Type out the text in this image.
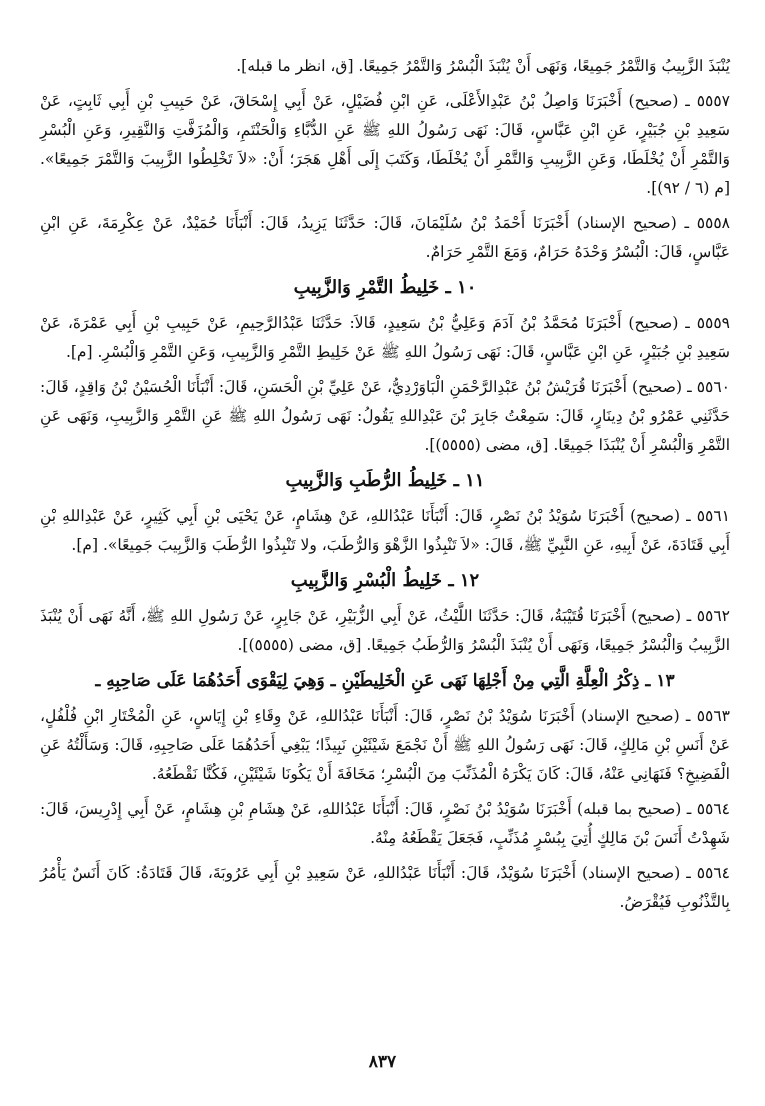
يُنْبَذَ الزَّبِيبُ وَالتَّمْرُ جَمِيعًا، وَنَهَى أَنْ يُنْبَذَ الْبُسْرُ وَالتَّمْرُ جَمِيعًا. [ق، انظر ما قبله].

٥٥٥٧ ـ (صحيح) أَخْبَرَنَا وَاصِلُ بْنُ عَبْدِالأَعْلَى، عَنِ ابْنِ فُضَيْلٍ، عَنْ أَبِي إِسْحَاقَ، عَنْ حَبِيبِ بْنِ أَبِي ثَابِتٍ، عَنْ سَعِيدِ بْنِ جُبَيْرٍ، عَنِ ابْنِ عَبَّاسٍ، قَالَ: نَهَى رَسُولُ اللهِ ﷺ عَنِ الدُّبَّاءِ وَالْحَنْتَمِ، وَالْمُزَفَّتِ وَالنَّقِيرِ، وَعَنِ الْبُسْرِ وَالتَّمْرِ أَنْ يُخْلَطَا، وَعَنِ الزَّبِيبِ وَالتَّمْرِ أَنْ يُخْلَطَا، وَكَتَبَ إِلَى أَهْلِ هَجَرَ؛ أَنْ: «لاَ تَخْلِطُوا الزَّبِيبَ وَالتَّمْرَ جَمِيعًا». [م (٦ / ٩٢)].

٥٥٥٨ ـ (صحيح الإسناد) أَخْبَرَنَا أَحْمَدُ بْنُ سُلَيْمَانَ، قَالَ: حَدَّثَنَا يَزِيدُ، قَالَ: أَنْبَأَنَا حُمَيْدٌ، عَنْ عِكْرِمَةَ، عَنِ ابْنِ عَبَّاسٍ، قَالَ: الْبُسْرُ وَحْدَهُ حَرَامٌ، وَمَعَ التَّمْرِ حَرَامٌ.

١٠ ـ خَلِيطُ التَّمْرِ وَالزَّبِيبِ

٥٥٥٩ ـ (صحيح) أَخْبَرَنَا مُحَمَّدُ بْنُ آدَمَ وَعَلِيُّ بْنُ سَعِيدٍ، قَالاَ: حَدَّثَنَا عَبْدُالرَّحِيمِ، عَنْ حَبِيبِ بْنِ أَبِي عَمْرَةَ، عَنْ سَعِيدِ بْنِ جُبَيْرٍ، عَنِ ابْنِ عَبَّاسٍ، قَالَ: نَهَى رَسُولُ اللهِ ﷺ عَنْ خَلِيطِ التَّمْرِ وَالزَّبِيبِ، وَعَنِ التَّمْرِ وَالْبُسْرِ. [م].

٥٥٦٠ ـ (صحيح) أَخْبَرَنَا قُرَيْشُ بْنُ عَبْدِالرَّحْمَنِ الْبَاوَرْدِيُّ، عَنْ عَلِيِّ بْنِ الْحَسَنِ، قَالَ: أَنْبَأَنَا الْحُسَيْنُ بْنُ وَاقِدٍ، قَالَ: حَدَّثَنِي عَمْرُو بْنُ دِينَارٍ، قَالَ: سَمِعْتُ جَابِرَ بْنَ عَبْدِاللهِ يَقُولُ: نَهَى رَسُولُ اللهِ ﷺ عَنِ التَّمْرِ وَالزَّبِيبِ، وَنَهَى عَنِ التَّمْرِ وَالْبُسْرِ أَنْ يُنْبَذَا جَمِيعًا. [ق، مضى (٥٥٥٥)].

١١ ـ خَلِيطُ الرُّطَبِ وَالزَّبِيبِ

٥٥٦١ ـ (صحيح) أَخْبَرَنَا سُوَيْدُ بْنُ نَصْرٍ، قَالَ: أَنْبَأَنَا عَبْدُاللهِ، عَنْ هِشَامٍ، عَنْ يَحْيَى بْنِ أَبِي كَثِيرٍ، عَنْ عَبْدِاللهِ بْنِ أَبِي قَتَادَةَ، عَنْ أَبِيهِ، عَنِ النَّبِيِّ ﷺ، قَالَ: «لاَ تَنْبِذُوا الزَّهْوَ وَالرُّطَبَ، ولا تَنْبِذُوا الرُّطَبَ وَالزَّبِيبَ جَمِيعًا». [م].

١٢ ـ خَلِيطُ الْبُسْرِ وَالزَّبِيبِ

٥٥٦٢ ـ (صحيح) أَخْبَرَنَا قُتَيْبَةُ، قَالَ: حَدَّثَنَا اللَّيْثُ، عَنْ أَبِي الزُّبَيْرِ، عَنْ جَابِرٍ، عَنْ رَسُولِ اللهِ ﷺ، أَنَّهُ نَهَى أَنْ يُنْبَذَ الزَّبِيبُ وَالْبُسْرُ جَمِيعًا، وَنَهَى أَنْ يُنْبَذَ الْبُسْرُ وَالرُّطَبُ جَمِيعًا. [ق، مضى (٥٥٥٥)].

١٣ ـ ذِكْرُ الْعِلَّةِ الَّتِي مِنْ أَجْلِهَا نَهَى عَنِ الْخَلِيطَيْنِ ـ وَهِيَ لِيَقْوَى أَحَدُهُمَا عَلَى صَاحِبِهِ ـ

٥٥٦٣ ـ (صحيح الإسناد) أَخْبَرَنَا سُوَيْدُ بْنُ نَصْرٍ، قَالَ: أَنْبَأَنَا عَبْدُاللهِ، عَنْ وِقَاءِ بْنِ إِيَاسٍ، عَنِ الْمُخْتَارِ ابْنِ فُلْفُلٍ، عَنْ أَنَسِ بْنِ مَالِكٍ، قَالَ: نَهَى رَسُولُ اللهِ ﷺ أَنْ نَجْمَعَ شَيْئَيْنِ نَبِيذًا؛ يَبْغِي أَحَدُهُمَا عَلَى صَاحِبِهِ، قَالَ: وَسَأَلْتُهُ عَنِ الْفَضِيخِ؟ فَنَهَانِي عَنْهُ، قَالَ: كَانَ يَكْرَهُ الْمُذَنِّبَ مِنَ الْبُسْرِ؛ مَخَافَةَ أَنْ يَكُونَا شَيْئَيْنِ، فَكُنَّا نَقْطَعُهُ.

٥٥٦٤ ـ (صحيح بما قبله) أَخْبَرَنَا سُوَيْدُ بْنُ نَصْرٍ، قَالَ: أَنْبَأَنَا عَبْدُاللهِ، عَنْ هِشَامِ بْنِ هِشَامٍ، عَنْ أَبِي إِدْرِيسَ، قَالَ: شَهِدْتُ أَنَسَ بْنَ مَالِكٍ أُتِيَ بِبُسْرٍ مُذَنِّبٍ، فَجَعَلَ يَقْطَعُهُ مِنْهُ.

٥٥٦٤ ـ (صحيح الإسناد) أَخْبَرَنَا سُوَيْدٌ، قَالَ: أَنْبَأَنَا عَبْدُاللهِ، عَنْ سَعِيدِ بْنِ أَبِي عَرُوبَةَ، قَالَ قَتَادَةُ: كَانَ أَنَسٌ يَأْمُرُ بِالتَّذْنُوبِ فَيُقْرَضُ.

٨٣٧
